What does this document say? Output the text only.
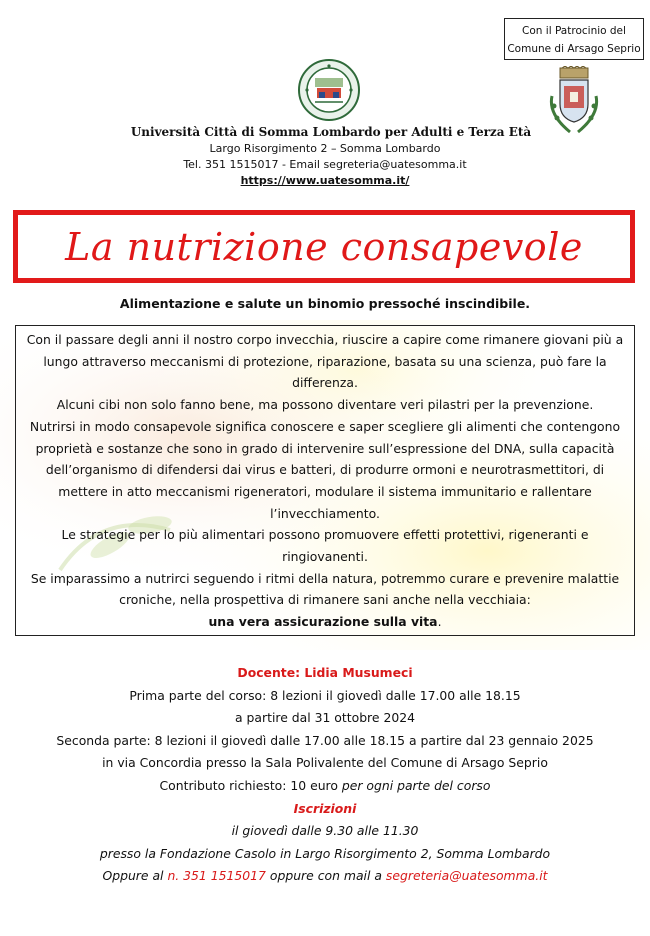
Con il Patrocinio del
Comune di Arsago Seprio
Università Città di Somma Lombardo per Adulti e Terza Età
Largo Risorgimento 2 – Somma Lombardo
Tel. 351 1515017 - Email segreteria@uatesomma.it
https://www.uatesomma.it/
La nutrizione consapevole
Alimentazione e salute un binomio pressoché inscindibile.

Con il passare degli anni il nostro corpo invecchia, riuscire a capire come rimanere giovani più a lungo attraverso meccanismi di protezione, riparazione, basata su una scienza, può fare la differenza.

Alcuni cibi non solo fanno bene, ma possono diventare veri pilastri per la prevenzione.

Nutrirsi in modo consapevole significa conoscere e saper scegliere gli alimenti che contengono proprietà e sostanze che sono in grado di intervenire sull’espressione del DNA, sulla capacità dell’organismo di difendersi dai virus e batteri, di produrre ormoni e neurotrasmettitori, di mettere in atto meccanismi rigeneratori, modulare il sistema immunitario e rallentare l’invecchiamento.

Le strategie per lo più alimentari possono promuovere effetti protettivi, rigeneranti e ringiovanenti.

Se imparassimo a nutrirci seguendo i ritmi della natura, potremmo curare e prevenire malattie croniche, nella prospettiva di rimanere sani anche nella vecchiaia:

una vera assicurazione sulla vita.

Docente: Lidia Musumeci
Prima parte del corso: 8 lezioni il giovedì dalle 17.00 alle 18.15
a partire dal 31 ottobre 2024
Seconda parte: 8 lezioni il giovedì dalle 17.00 alle 18.15 a partire dal 23 gennaio 2025
in via Concordia presso la Sala Polivalente del Comune di Arsago Seprio
Contributo richiesto: 10 euro per ogni parte del corso
Iscrizioni
il giovedì dalle 9.30 alle 11.30
presso la Fondazione Casolo in Largo Risorgimento 2, Somma Lombardo
Oppure al n. 351 1515017 oppure con mail a segreteria@uatesomma.it
